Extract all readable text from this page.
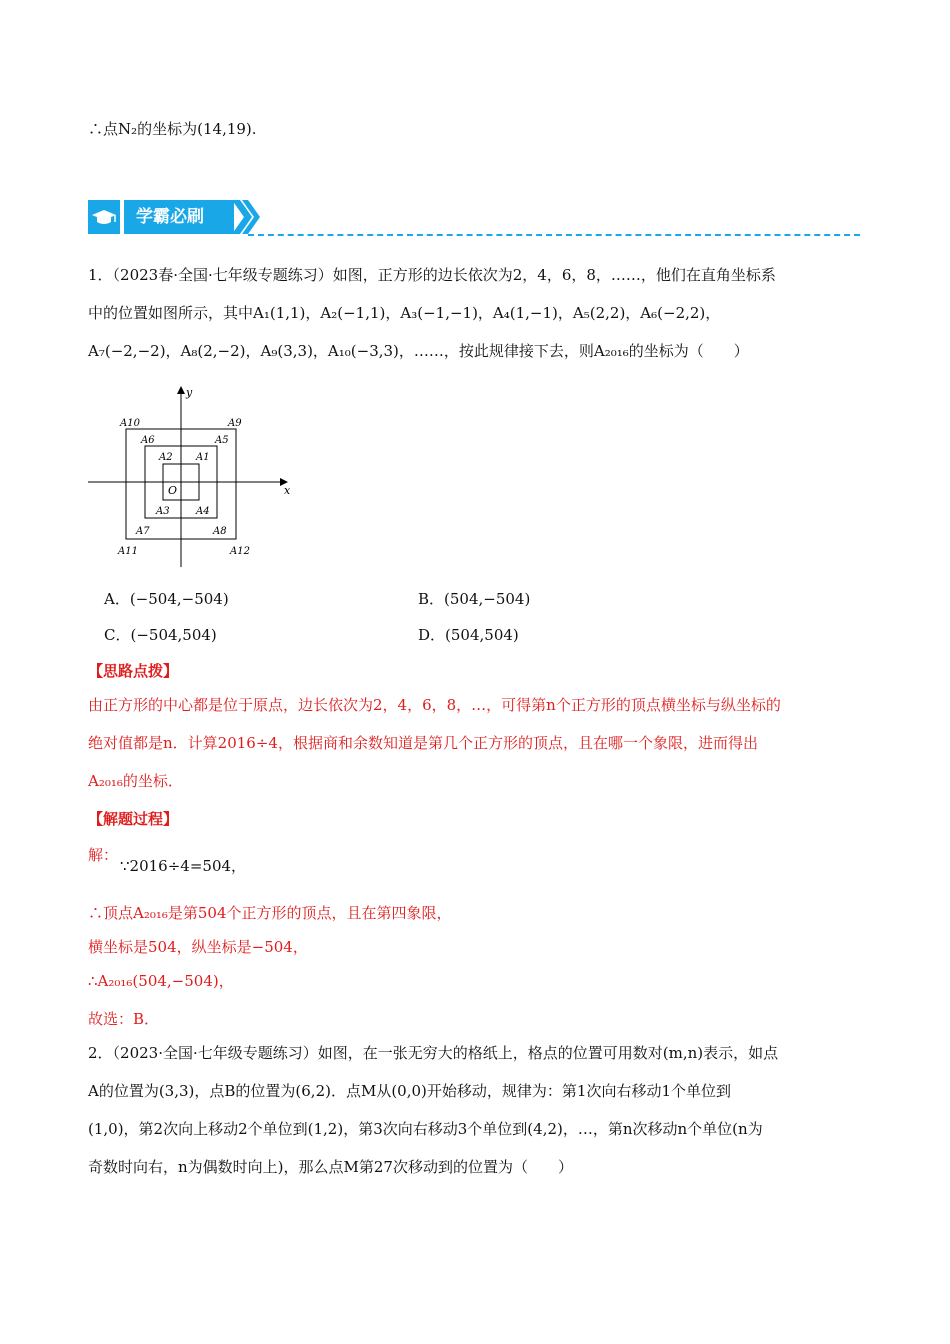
∴点N₂的坐标为(14,19).
学霸必刷
1．（2023春·全国·七年级专题练习）如图，正方形的边长依次为2，4，6，8，……，他们在直角坐标系
中的位置如图所示，其中A₁(1,1)，A₂(−1,1)，A₃(−1,−1)，A₄(1,−1)，A₅(2,2)，A₆(−2,2)，
A₇(−2,−2)，A₈(2,−2)，A₉(3,3)，A₁₀(−3,3)，……，按此规律接下去，则A₂₀₁₆的坐标为（　　）
x
y
O
A10	A9
A6	A5
A2 A1
A3	A4
A7	A8
A11	A12
A．(−504,−504)	B．(504,−504)
C．(−504,504)	D．(504,504)
【思路点拨】
由正方形的中心都是位于原点，边长依次为2，4，6，8，…，可得第n个正方形的顶点横坐标与纵坐标的
绝对值都是n．计算2016÷4，根据商和余数知道是第几个正方形的顶点，且在哪一个象限，进而得出
A₂₀₁₆的坐标．
【解题过程】
解：
∵2016÷4=504，
∴顶点A₂₀₁₆是第504个正方形的顶点，且在第四象限，
横坐标是504，纵坐标是−504，
∴A₂₀₁₆(504,−504)，
故选：B．
2．（2023·全国·七年级专题练习）如图，在一张无穷大的格纸上，格点的位置可用数对(m,n)表示，如点
A的位置为(3,3)，点B的位置为(6,2)．点M从(0,0)开始移动，规律为：第1次向右移动1个单位到
(1,0)，第2次向上移动2个单位到(1,2)，第3次向右移动3个单位到(4,2)，…，第n次移动n个单位(n为
奇数时向右，n为偶数时向上)，那么点M第27次移动到的位置为（　　）
